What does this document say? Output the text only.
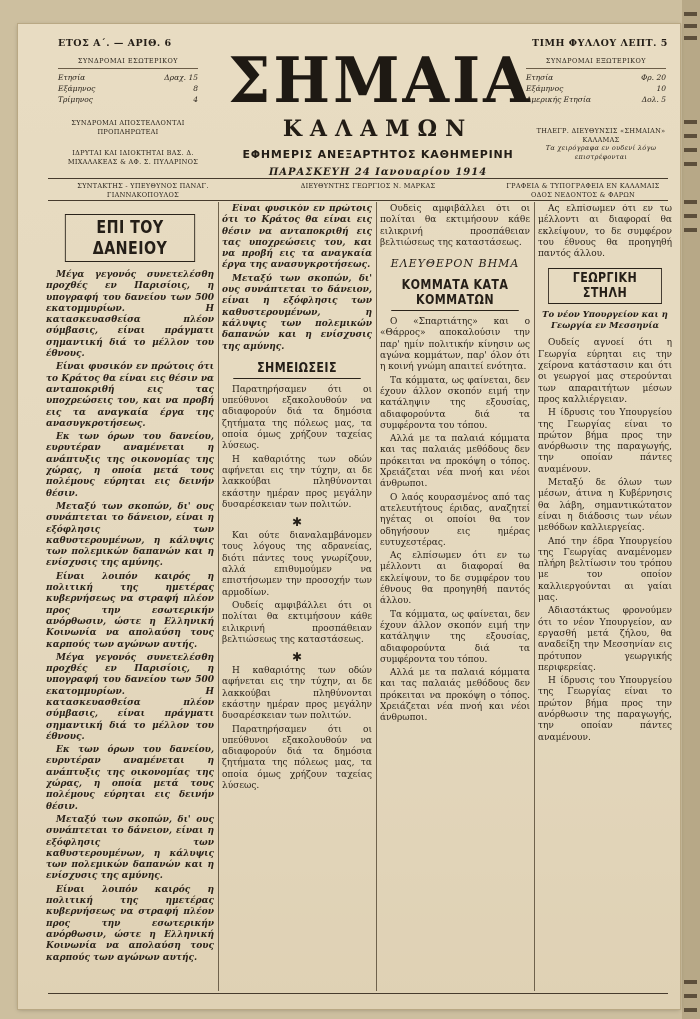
ΕΤΟΣ Α΄. — ΑΡΙΘ. 6	ΤΙΜΗ ΦΥΛΛΟΥ ΛΕΠΤ. 5
ΣΥΝΔΡΟΜΑΙ ΕΣΩΤΕΡΙΚΟΥ
Ετησία	Δραχ. 15
Εξάμηνος	8
Τρίμηνος	4
ΣΥΝΔΡΟΜΑΙ ΑΠΟΣΤΕΛΛΟΝΤΑΙ ΠΡΟΠΛΗΡΩΤΕΑΙ
ΙΔΡΥΤΑΙ ΚΑΙ ΙΔΙΟΚΤΗΤΑΙ ΒΑΣ. Δ. ΜΙΧΑΛΑΚΕΑΣ & ΑΦ. Σ. ΠΥΛΑΡΙΝΟΣ
ΣΗΜΑΙΑ
ΚΑΛΑΜΩΝ
ΕΦΗΜΕΡΙΣ ΑΝΕΞΑΡΤΗΤΟΣ ΚΑΘΗΜΕΡΙΝΗ
ΠΑΡΑΣΚΕΥΗ 24 Ιανουαρίου 1914
ΣΥΝΔΡΟΜΑΙ ΕΞΩΤΕΡΙΚΟΥ
Ετησία	Φρ. 20
Εξάμηνος	10
Αμερικής Ετησία	Δολ. 5
ΤΗΛΕΓΡ. ΔΙΕΥΘΥΝΣΙΣ «ΣΗΜΑΙΑΝ» ΚΑΛΑΜΑΣ
Τα χειρόγραφα εν ουδενί λόγω επιστρέφονται
ΣΥΝΤΑΚΤΗΣ - ΥΠΕΥΘΥΝΟΣ ΠΑΝΑΓ. ΓΙΑΝΝΑΚΟΠΟΥΛΟΣ
ΔΙΕΥΘΥΝΤΗΣ ΓΕΩΡΓΙΟΣ Ν. ΜΑΡΚΑΣ	ΓΡΑΦΕΙΑ & ΤΥΠΟΓΡΑΦΕΙΑ ΕΝ ΚΑΛΑΜΑΙΣ ΟΔΟΣ ΝΕΔΟΝΤΟΣ & ΦΑΡΩΝ
ΕΠΙ ΤΟΥ ΔΑΝΕΙΟΥ

Μέγα γεγονός συνετελέσθη προχθές εν Παρισίοις, η υπογραφή του δανείου των 500 εκατομμυρίων. Η κατασκευασθείσα πλέον σύμβασις, είναι πράγματι σημαντική διά το μέλλον του έθνους.

Είναι φυσικόν εν πρώτοις ότι το Κράτος θα είναι εις θέσιν να ανταποκριθή εις τας υποχρεώσεις του, και να προβή εις τα αναγκαία έργα της ανασυγκροτήσεως.

Εκ των όρων του δανείου, ευρυτέραν αναμένεται η ανάπτυξις της οικονομίας της χώρας, η οποία μετά τους πολέμους εύρηται εις δεινήν θέσιν.

Μεταξύ των σκοπών, δι' ους συνάπτεται το δάνειον, είναι η εξόφλησις των καθυστερουμένων, η κάλυψις των πολεμικών δαπανών και η ενίσχυσις της αμύνης.

Είναι λοιπόν καιρός η πολιτική της ημετέρας κυβερνήσεως να στραφή πλέον προς την εσωτερικήν ανόρθωσιν, ώστε η Ελληνική Κοινωνία να απολαύση τους καρπούς των αγώνων αυτής.

Μέγα γεγονός συνετελέσθη προχθές εν Παρισίοις, η υπογραφή του δανείου των 500 εκατομμυρίων. Η κατασκευασθείσα πλέον σύμβασις, είναι πράγματι σημαντική διά το μέλλον του έθνους.

Εκ των όρων του δανείου, ευρυτέραν αναμένεται η ανάπτυξις της οικονομίας της χώρας, η οποία μετά τους πολέμους εύρηται εις δεινήν θέσιν.

Μεταξύ των σκοπών, δι' ους συνάπτεται το δάνειον, είναι η εξόφλησις των καθυστερουμένων, η κάλυψις των πολεμικών δαπανών και η ενίσχυσις της αμύνης.

Είναι λοιπόν καιρός η πολιτική της ημετέρας κυβερνήσεως να στραφή πλέον προς την εσωτερικήν ανόρθωσιν, ώστε η Ελληνική Κοινωνία να απολαύση τους καρπούς των αγώνων αυτής.

Είναι φυσικόν εν πρώτοις ότι το Κράτος θα είναι εις θέσιν να ανταποκριθή εις τας υποχρεώσεις του, και να προβή εις τα αναγκαία έργα της ανασυγκροτήσεως.

Μεταξύ των σκοπών, δι' ους συνάπτεται το δάνειον, είναι η εξόφλησις των καθυστερουμένων, η κάλυψις των πολεμικών δαπανών και η ενίσχυσις της αμύνης.

ΣΗΜΕΙΩΣΕΙΣ

Παρατηρήσαμεν ότι οι υπεύθυνοι εξακολουθούν να αδιαφορούν διά τα δημόσια ζητήματα της πόλεως μας, τα οποία όμως χρήζουν ταχείας λύσεως.

Η καθαριότης των οδών αφήνεται εις την τύχην, αι δε λακκούβαι πληθύνονται εκάστην ημέραν προς μεγάλην δυσαρέσκειαν των πολιτών.

✱

Και ούτε διαναλαμβάνομεν τους λόγους της αδρανείας, διότι πάντες τους γνωρίζουν, αλλά επιθυμούμεν να επιστήσωμεν την προσοχήν των αρμοδίων.

Ουδείς αμφιβάλλει ότι οι πολίται θα εκτιμήσουν κάθε ειλικρινή προσπάθειαν βελτιώσεως της καταστάσεως.

✱

Η καθαριότης των οδών αφήνεται εις την τύχην, αι δε λακκούβαι πληθύνονται εκάστην ημέραν προς μεγάλην δυσαρέσκειαν των πολιτών.

Παρατηρήσαμεν ότι οι υπεύθυνοι εξακολουθούν να αδιαφορούν διά τα δημόσια ζητήματα της πόλεως μας, τα οποία όμως χρήζουν ταχείας λύσεως.

Ουδείς αμφιβάλλει ότι οι πολίται θα εκτιμήσουν κάθε ειλικρινή προσπάθειαν βελτιώσεως της καταστάσεως.

ΕΛΕΥΘΕΡΟΝ ΒΗΜΑ
ΚΟΜΜΑΤΑ ΚΑΤΑ ΚΟΜΜΑΤΩΝ

Ο «Σπαρτιάτης» και ο «Θάρρος» αποκαλούσιν την παρ' ημίν πολιτικήν κίνησιν ως αγώνα κομμάτων, παρ' όλον ότι η κοινή γνώμη απαιτεί ενότητα.

Τα κόμματα, ως φαίνεται, δεν έχουν άλλον σκοπόν ειμή την κατάληψιν της εξουσίας, αδιαφορούντα διά τα συμφέροντα του τόπου.

Αλλά με τα παλαιά κόμματα και τας παλαιάς μεθόδους δεν πρόκειται να προκόψη ο τόπος. Χρειάζεται νέα πνοή και νέοι άνθρωποι.

Ο λαός κουρασμένος από τας ατελευτήτους έριδας, αναζητεί ηγέτας οι οποίοι θα τον οδηγήσουν εις ημέρας ευτυχεστέρας.

Ας ελπίσωμεν ότι εν τω μέλλοντι αι διαφοραί θα εκλείψουν, το δε συμφέρον του έθνους θα προηγηθή παντός άλλου.

Τα κόμματα, ως φαίνεται, δεν έχουν άλλον σκοπόν ειμή την κατάληψιν της εξουσίας, αδιαφορούντα διά τα συμφέροντα του τόπου.

Αλλά με τα παλαιά κόμματα και τας παλαιάς μεθόδους δεν πρόκειται να προκόψη ο τόπος. Χρειάζεται νέα πνοή και νέοι άνθρωποι.

Ας ελπίσωμεν ότι εν τω μέλλοντι αι διαφοραί θα εκλείψουν, το δε συμφέρον του έθνους θα προηγηθή παντός άλλου.

ΓΕΩΡΓΙΚΗ ΣΤΗΛΗ
Το νέον Υπουργείον και η Γεωργία εν Μεσσηνία

Ουδείς αγνοεί ότι η Γεωργία εύρηται εις την χείρονα κατάστασιν και ότι οι γεωργοί μας στερούνται των απαραιτήτων μέσων προς καλλιέργειαν.

Η ίδρυσις του Υπουργείου της Γεωργίας είναι το πρώτον βήμα προς την ανόρθωσιν της παραγωγής, την οποίαν πάντες αναμένουν.

Μεταξύ δε όλων των μέσων, άτινα η Κυβέρνησις θα λάβη, σημαντικώτατον είναι η διάδοσις των νέων μεθόδων καλλιεργείας.

Από την έδρα Υπουργείου της Γεωργίας αναμένομεν πλήρη βελτίωσιν του τρόπου με τον οποίον καλλιεργούνται αι γαίαι μας.

Αδιαστάκτως φρονούμεν ότι το νέον Υπουργείον, αν εργασθή μετά ζήλου, θα αναδείξη την Μεσσηνίαν εις πρότυπον γεωργικής περιφερείας.

Η ίδρυσις του Υπουργείου της Γεωργίας είναι το πρώτον βήμα προς την ανόρθωσιν της παραγωγής, την οποίαν πάντες αναμένουν.
